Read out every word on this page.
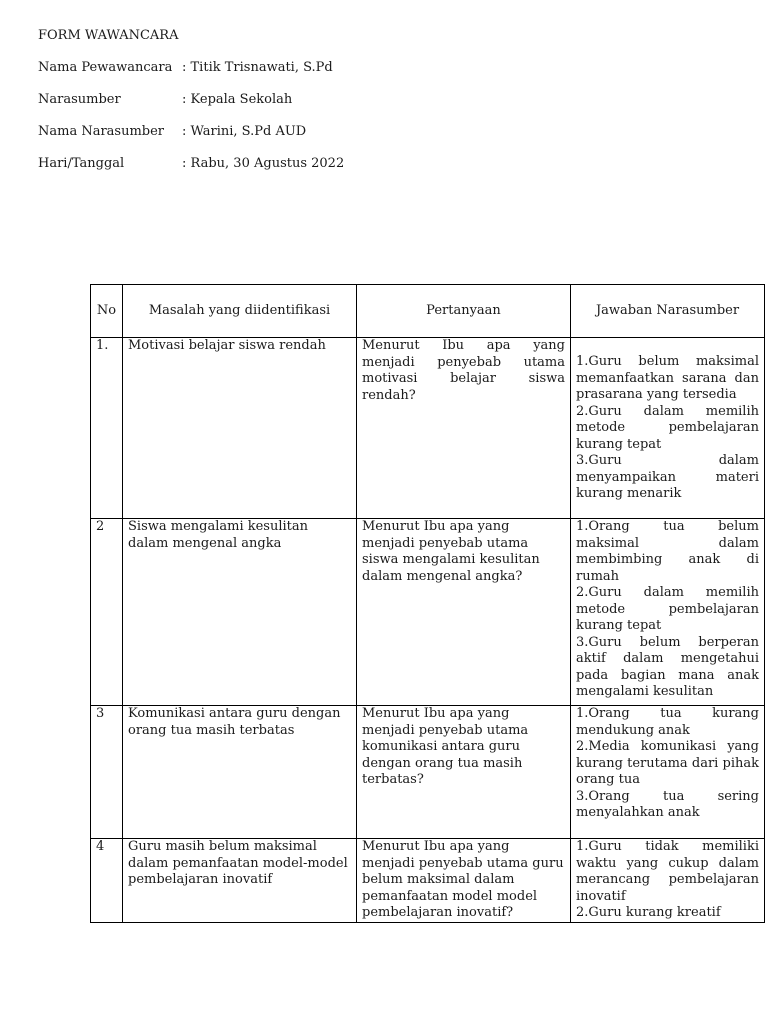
FORM WAWANCARA
Nama Pewawancara : Titik Trisnawati, S.Pd
Narasumber	: Kepala Sekolah
Nama Narasumber	: Warini, S.Pd AUD
Hari/Tanggal	: Rabu, 30 Agustus 2022
No	Masalah yang diidentifikasi	Pertanyaan	Jawaban Narasumber
1.	Motivasi belajar siswa rendah	Menurut Ibu apa yang menjadi penyebab utama motivasi belajar siswa rendah?	1.Guru belum maksimal memanfaatkan sarana dan prasarana yang tersedia
2.Guru dalam memilih metode pembelajaran kurang tepat
3.Guru dalam menyampaikan materi kurang menarik

2	Siswa mengalami kesulitan dalam mengenal angka	Menurut Ibu apa yang menjadi penyebab utama siswa mengalami kesulitan dalam mengenal angka?	1.Orang tua belum maksimal dalam membimbing anak di rumah
2.Guru dalam memilih metode pembelajaran kurang tepat
3.Guru belum berperan aktif dalam mengetahui pada bagian mana anak mengalami kesulitan

3	Komunikasi antara guru dengan orang tua masih terbatas	Menurut Ibu apa yang menjadi penyebab utama komunikasi antara guru dengan orang tua masih terbatas?	1.Orang tua kurang mendukung anak
2.Media komunikasi yang kurang terutama dari pihak orang tua
3.Orang tua sering menyalahkan anak

4	Guru masih belum maksimal dalam pemanfaatan model-model pembelajaran inovatif	Menurut Ibu apa yang menjadi penyebab utama guru belum maksimal dalam pemanfaatan model model pembelajaran inovatif?	1.Guru tidak memiliki waktu yang cukup dalam merancang pembelajaran inovatif
2.Guru kurang kreatif
